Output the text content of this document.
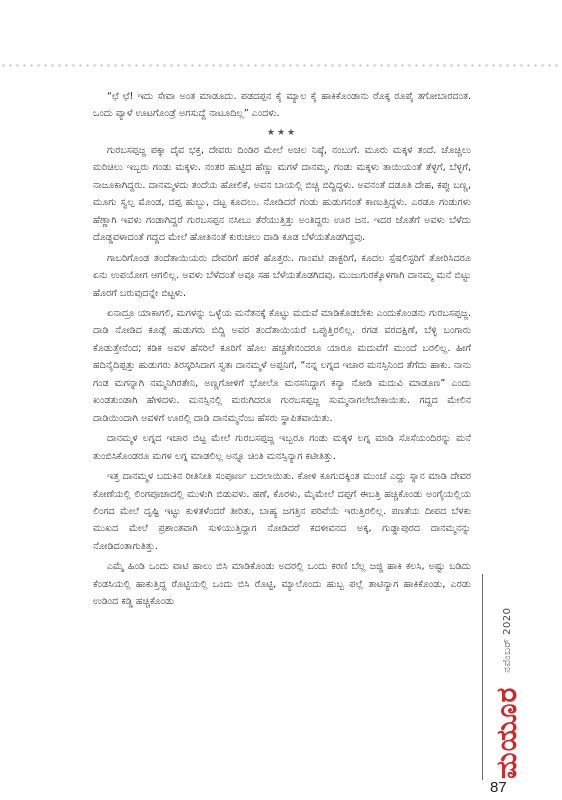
“ಛೆ ಛೆ! ಇದು ಸೇವಾ ಅಂತ ಮಾಡೂದು. ಪಡದಪ್ಪನ ಕೈ ಮ್ಯಾಲ ಕೈ ಹಾಕಿಕೊಂಡಾನು ರೊಕ್ಕ ರೂಪೈ ತಗೋಬಾರದಂತ. ಒಂದು ವ್ಯಾಳೆ ಊಟಗೊಂಡ್ರೆ ಅಗಸುದ್ದೆ ನಾಟೂದಿಲ್ಲ” ಎಂದಳು.

★★★

ಗುರಬಸಪ್ಪಜ್ಜ ಪಕ್ಕಾ ದೈವ ಭಕ್ತ, ದೇವರು ದಿಂಡಿರ ಮೇಲೆ ಅಚಲ ನಿಷ್ಠೆ, ನಂಬುಗೆ. ಮೂರು ಮಕ್ಕಳ ತಂದೆ. ಚೊಚ್ಚಿಲು ಮರಿಚಿಲು ಇಬ್ಬರು ಗಂಡು ಮಕ್ಕಳು. ನಂತರ ಹುಟ್ಟಿದ ಹೆಣ್ಣು ಮಗಳೆ ದಾನಮ್ಮ. ಗಂಡು ಮಕ್ಕಳು ತಾಯಿಯಂತೆ ತೆಳ್ಳಗೆ, ಬೆಳ್ಳಗೆ, ನಾಜೂಕಾಗಿದ್ದರು. ದಾನಮ್ಮಳದು ತಂದೆಯ ಹೋಲಿಕೆ, ಅವನ ಬಾಯಲ್ಲಿ ಬಿಚ್ಚಿ ಬಿದ್ದಿದ್ದಳು. ಅವನಂತೆ ದಡೂತಿ ದೇಹ, ಕಪ್ಪು ಬಣ್ಣ, ಮೂಗು ಸ್ವಲ್ಪ ಮೊಂಡ, ದಪ್ಪ ಹುಬ್ಬು, ದಟ್ಟ ಕೂದಲು. ನೋಡಿದರೆ ಗಂಡು ಹುಡುಗನಂತೆ ಕಾಣುತ್ತಿದ್ದಳು. ಎರಡೂ ಗಂಡುಗಳು ಹೆಣ್ಣಾಗಿ ಇವಳು ಗಂಡಾಗಿದ್ದರೆ ಗುರಬಸಪ್ಪನ ನಸೀಬು ತೆರೆಯುತ್ತಿತ್ತು ಅಂತಿದ್ದರು ಊರ ಜನ. ಇದರ ಜೊತೆಗೆ ಅವಳು ಬೆಳೆದು ದೊಡ್ಡವಳಾದಂತೆ ಗದ್ದದ ಮೇಲೆ ಹೋತಿನಂತೆ ಕುರುಚಲು ದಾಡಿ ಕೂಡ ಬೆಳೆಯತೊಡಗಿದ್ದವು.

ಗಾಬರಿಗೊಂಡ ತಂದೆತಾಯಿಯರು ದೇವರಿಗೆ ಹರಕೆ ಹೊತ್ತರು. ಗಾಂವಟಿ ಡಾಕ್ಟರಿಗೆ, ಕೂದಲ ಸ್ಪೆಷಲಿಸ್ಟರಿಗೆ ತೋರಿಸಿದರೂ ಏನು ಉಪಯೋಗ ಆಗಲಿಲ್ಲ. ಅವಳು ಬೆಳೆದಂತೆ ಅವೂ ಸಹ ಬೆಳೆಯತೊಡಗಿದವು. ಮುಜುಗುರಕ್ಕೊಳಗಾಗಿ ದಾನಮ್ಮ ಮನೆ ಬಿಟ್ಟು ಹೊರಗೆ ಬರುವುದನ್ನೇ ಬಿಟ್ಟಳು.

ಏನಾದ್ರೂ ಯಾಕಾಗಲಿ, ಮಗಳನ್ನು ಒಳ್ಳೆಯ ಮನೆತನಕ್ಕೆ ಕೊಟ್ಟು ಮದುವೆ ಮಾಡಿಕೊಡಬೇಕು ಎಂದುಕೊಂಡನು ಗುರಬಸಪ್ಪಜ್ಜ. ದಾಡಿ ನೋಡಿದ ಕೂಡ್ಲೆ ಹುಡುಗರು ಬಿದ್ದಿ ಅವರ ತಂದೆತಾಯಿಯರೆ ಒಪ್ಪುತ್ತಿರಲಿಲ್ಲ. ರಗಡ ವರದಕ್ಷಿಣೆ, ಬೆಳ್ಳಿ ಬಂಗಾರು ಕೊಡುತ್ತೇನೆಂದ; ಕಡಿಕ ಅವಳ ಹೆಸರಿಲೆ ಕೂರಿಗೆ ಹೊಲ ಹಚ್ಚತೇನಂದರೂ ಯಾರೂ ಮದುವೆಗೆ ಮುಂದೆ ಬರಲಿಲ್ಲ. ಹೀಗೆ ಹದಿನೈದಿಪ್ಪತ್ತು ಹುಡುಗರು ತಿರಸ್ಕರಿಸಿದಾಗ ಸ್ವತಃ ದಾನಮ್ಮಳೆ ಅಪ್ಪನಿಗೆ, “ನನ್ನ ಲಗ್ನದ ಇಚಾರ ಮನಸ್ಸಿನಿಂದ ತೆಗೆದು ಹಾಕು. ನಾನು ಗಂಡ ಮಗನ್ನಾಗಿ ನಮ್ಮನಿಗಿರತೇನಿ, ಅಣ್ಣಗೋಳಿಗೆ ಭೋಲೊ ಮನಸನಿದ್ದಾಗ ಕನ್ಯಾ ನೋಡಿ ಮದುವಿ ಮಾಡೂಣ” ಎಂದು ಖಂಡತುಂಡಾಗಿ ಹೇಳಿದಳು. ಮನಸ್ಸಿನಲ್ಲಿ ಮರುಗಿದರೂ ಗುರಬಸಪ್ಪಜ್ಜ ಸುಮ್ಮನಾಗಲೇಬೇಕಾಯಿತು. ಗದ್ದದ ಮೇಲಿನ ದಾಡಿಯಿಂದಾಗಿ ಅವಳಿಗೆ ಊರಲ್ಲಿ ದಾಡಿ ದಾನಮ್ಮನೆಂಬ ಹೆಸರು ಸ್ಥಾಪಿತವಾಯಿತು.

ದಾನಮ್ಮಳ ಲಗ್ನದ ಇಚಾರ ಬಿಟ್ಟ ಮೇಲೆ ಗುರಬಸಪ್ಪಜ್ಜ ಇಬ್ಬರೂ ಗಂಡು ಮಕ್ಕಳ ಲಗ್ನ ಮಾಡಿ ಸೊಸೆಯಂದಿರನ್ನು ಮನೆ ತುಂಬಿಸಿಕೊಂಡರೂ ಮಗಳ ಲಗ್ನ ಮಾಡಲಿಲ್ಲ ಅನ್ನೂ ಚಿಂತಿ ಮನಸ್ಸಿನ್ಯಾಗ ಕಟೀತಿತ್ತು.

ಇತ್ತ ದಾನಮ್ಮಳ ಬದುಕಿನ ರೀತಿನೀತಿ ಸಂಪೂರ್ಣ ಬದಲಾಯಿತು. ಕೋಳಿ ಕೂಗುದಕ್ಕಿಂತ ಮುಂಚೆ ಎದ್ದು ಸ್ನಾನ ಮಾಡಿ ದೇವರ ಕೋಣೆಯಲ್ಲಿ ಲಿಂಗಪೂಜಾದಲ್ಲಿ ಮುಳುಗಿ ಬಿಡುವಳು. ಹಣೆ, ಕೊರಳು, ಮೈಮೇಲೆ ದಪ್ಪಗೆ ಈಬತ್ತಿ ಹಚ್ಚಿಕೊಂಡು ಅಂಗೈಯಲ್ಲಿಯ ಲಿಂಗದ ಮೇಲೆ ದೃಷ್ಟಿ ಇಟ್ಟು ಕುಳಿತಳೆಂದರೆ ತೀರಿತು, ಬಾಹ್ಯ ಜಗತ್ತಿನ ಪರಿವೆಯೆ ಇರುತ್ತಿರಲಿಲ್ಲ. ಪಣತೆಯ ದೀಪದ ಬೆಳಕು ಮುಖದ ಮೇಲೆ ಪ್ರಶಾಂತವಾಗಿ ಸುಳಿಯುತ್ತಿದ್ದಾಗ ನೋಡಿದರೆ ಕದಳೀವನದ ಅಕ್ಕ, ಗುಡ್ಡಾಪುರದ ದಾನಮ್ಮನನ್ನು ನೋಡಿದಂತಾಗುತಿತ್ತು.

ಎಮ್ಮೆ ಹಿಂಡಿ ಒಂದು ವಾಟಿ ಹಾಲು ಬಿಸಿ ಮಾಡಿಕೊಂಡು ಅದರಲ್ಲಿ ಒಂದು ಕರಣಿ ಬೆಲ್ಲ ಜಜ್ಜಿ ಹಾಕಿ ಕಲಸಿ, ಅಷ್ಟು ಬಡಿದು ಕೆಂಡಸಿಯಲ್ಲಿ ಹಾಕುತ್ತಿದ್ದ ರೊಟ್ಟಿಯಲ್ಲಿ ಒಂದು ಬಿಸಿ ರೊಟ್ಟಿ, ಮ್ಯಾಲೊಂದು ಹುಬ್ಬ ಪಲ್ಲೆ ತಾಟಿನ್ಯಾಗ ಹಾಕಿಕೊಂಡು, ಎರಡು ಉಡಿಂದ ಕಡ್ಡಿ ಹಚ್ಚಿಕೊಂಡು

ಮಯೂರ
ನವೆಂಬರ್ 2020
87
